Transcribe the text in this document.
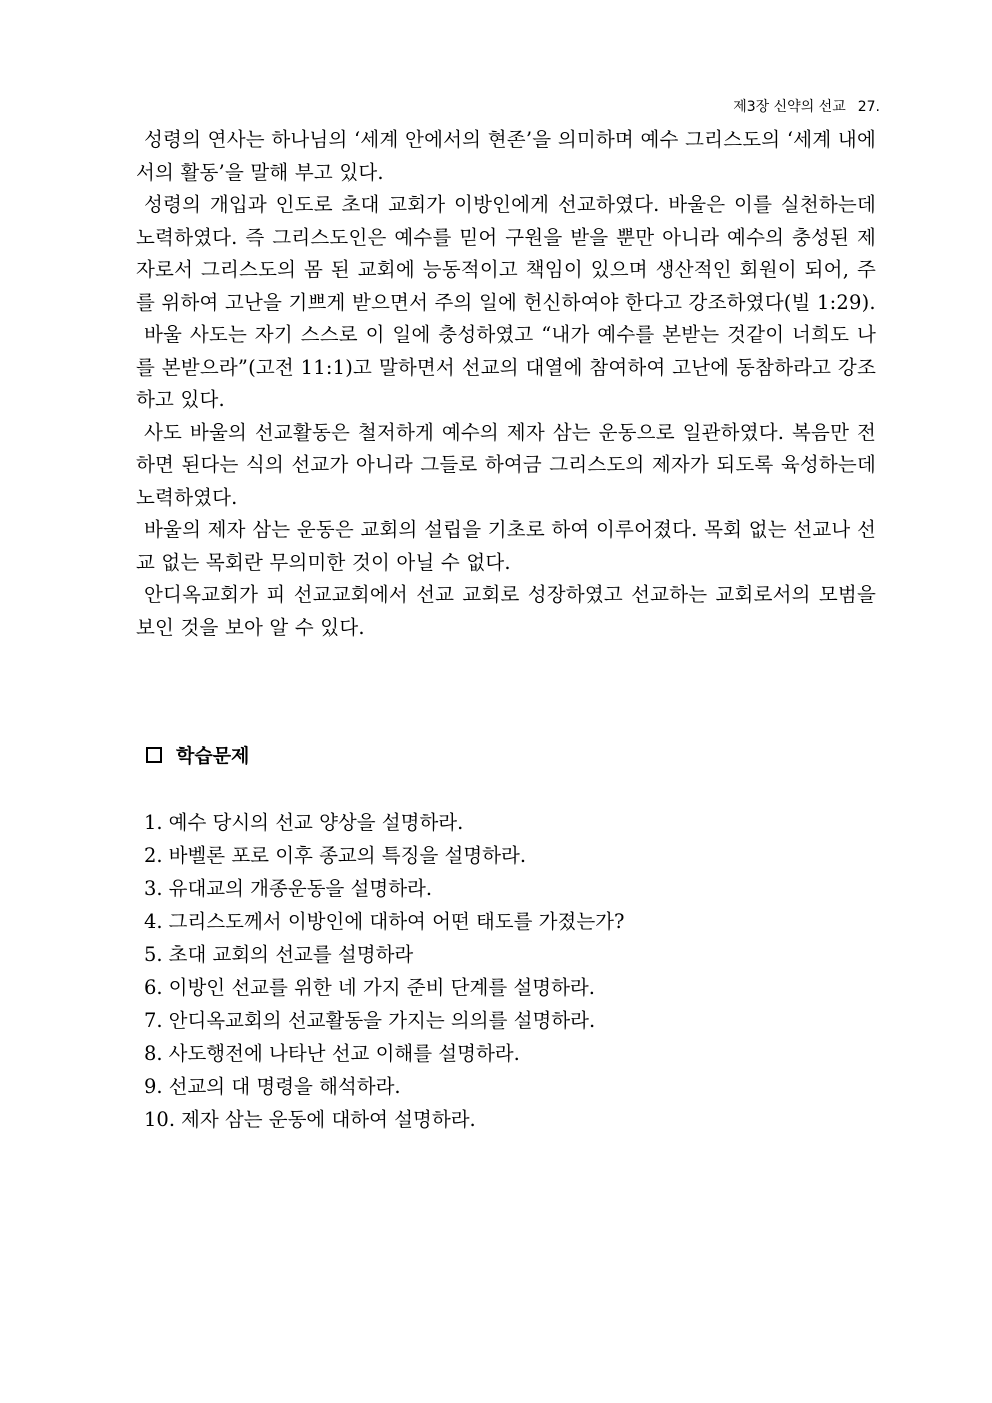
제3장 신약의 선교 27.

성령의 연사는 하나님의 ‘세계 안에서의 현존’을 의미하며 예수 그리스도의 ‘세계 내에서의 활동’을 말해 부고 있다.

성령의 개입과 인도로 초대 교회가 이방인에게 선교하였다. 바울은 이를 실천하는데 노력하였다. 즉 그리스도인은 예수를 믿어 구원을 받을 뿐만 아니라 예수의 충성된 제자로서 그리스도의 몸 된 교회에 능동적이고 책임이 있으며 생산적인 회원이 되어, 주를 위하여 고난을 기쁘게 받으면서 주의 일에 헌신하여야 한다고 강조하였다(빌 1:29).

바울 사도는 자기 스스로 이 일에 충성하였고 “내가 예수를 본받는 것같이 너희도 나를 본받으라”(고전 11:1)고 말하면서 선교의 대열에 참여하여 고난에 동참하라고 강조하고 있다.

사도 바울의 선교활동은 철저하게 예수의 제자 삼는 운동으로 일관하였다. 복음만 전하면 된다는 식의 선교가 아니라 그들로 하여금 그리스도의 제자가 되도록 육성하는데 노력하였다.

바울의 제자 삼는 운동은 교회의 설립을 기초로 하여 이루어졌다. 목회 없는 선교나 선교 없는 목회란 무의미한 것이 아닐 수 없다.

안디옥교회가 피 선교교회에서 선교 교회로 성장하였고 선교하는 교회로서의 모범을 보인 것을 보아 알 수 있다.

학습문제
1. 예수 당시의 선교 양상을 설명하라.
2. 바벨론 포로 이후 종교의 특징을 설명하라.
3. 유대교의 개종운동을 설명하라.
4. 그리스도께서 이방인에 대하여 어떤 태도를 가졌는가?
5. 초대 교회의 선교를 설명하라
6. 이방인 선교를 위한 네 가지 준비 단계를 설명하라.
7. 안디옥교회의 선교활동을 가지는 의의를 설명하라.
8. 사도행전에 나타난 선교 이해를 설명하라.
9. 선교의 대 명령을 해석하라.
10. 제자 삼는 운동에 대하여 설명하라.
